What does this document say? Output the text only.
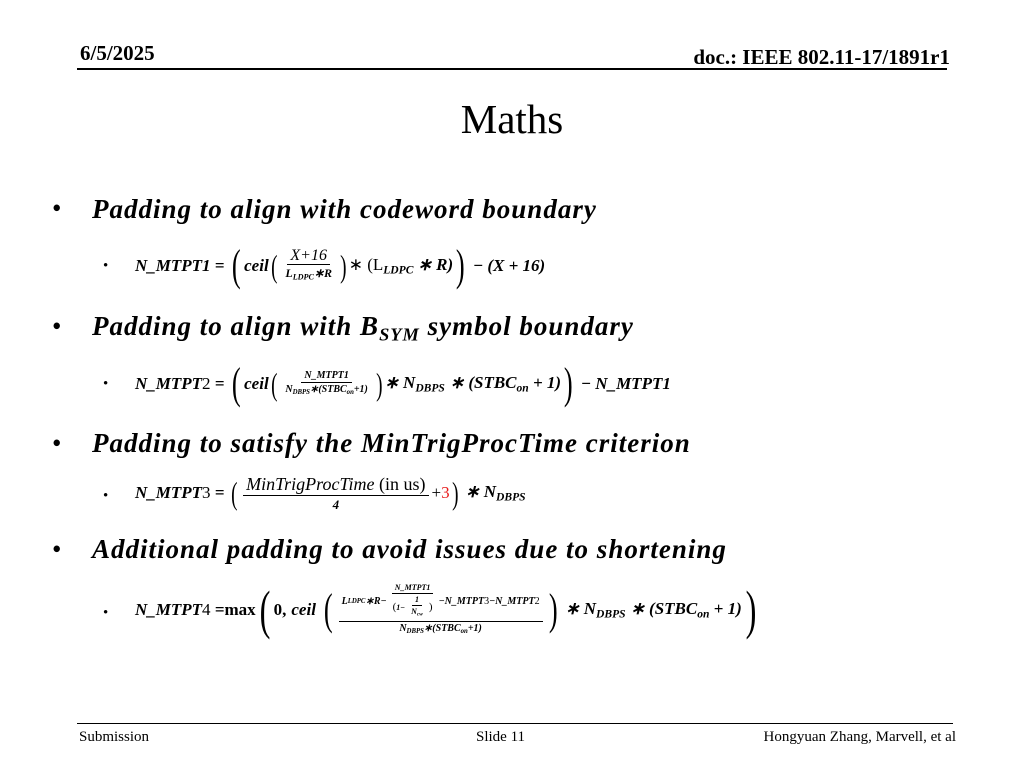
6/5/2025	doc.: IEEE 802.11-17/1891r1
Maths
• Padding to align with codeword boundary
• N_MTPT1 = ( ceil ( X+16
$L_{LDPC}∗R$ ) ∗ ($L_{LDPC}$ ∗ R) ) − (X + 16)
• Padding to align with $B_{SYM}$ symbol boundary
• N_MTPT2 = ( ceil (	N_MTPT1
$N_{DBPS}∗(STBC_{on}+1)$ ) ∗ $N_{DBPS}$ ∗ $(STBC_{on} + 1)$ ) − N_MTPT1
• Padding to satisfy the MinTrigProcTime criterion
• N_MTPT3 = ( MinTrigProcTime (in us)
4
+ 3 ) ∗ $N_{DBPS}$
• Additional padding to avoid issues due to shortening
• N_MTPT4 = max ( 0, ceil ( L LDPC ∗R−
N_MTPT1
( 1−
1
$N_{cw}$
) −N_MTPT 3 −N_MTPT 2
$N_{DBPS}∗(STBC_{on}+1)$ ) ∗ $N_{DBPS}$ ∗ $(STBC_{on} + 1)$ )
Submission	Slide 11	Hongyuan Zhang, Marvell, et al
